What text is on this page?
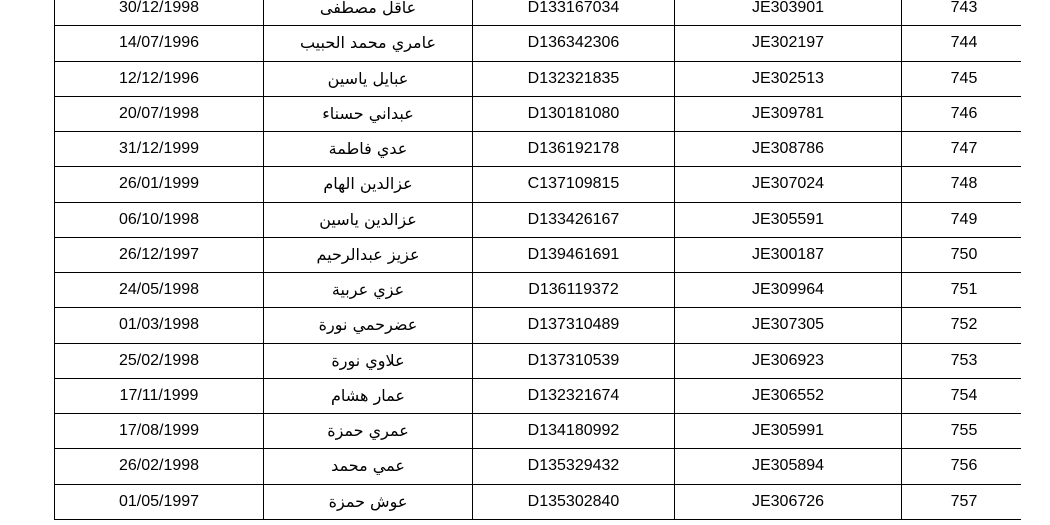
30/12/1998	عاقل مصطفى	D133167034	JE303901	743
14/07/1996	عامري محمد الحبيب	D136342306	JE302197	744
12/12/1996	عبايل ياسين	D132321835	JE302513	745
20/07/1998	عبداني حسناء	D130181080	JE309781	746
31/12/1999	عدي فاطمة	D136192178	JE308786	747
26/01/1999	عزالدين الهام	C137109815	JE307024	748
06/10/1998	عزالدين ياسين	D133426167	JE305591	749
26/12/1997	عزيز عبدالرحيم	D139461691	JE300187	750
24/05/1998	عزي عربية	D136119372	JE309964	751
01/03/1998	عضرحمي نورة	D137310489	JE307305	752
25/02/1998	علاوي نورة	D137310539	JE306923	753
17/11/1999	عمار هشام	D132321674	JE306552	754
17/08/1999	عمري حمزة	D134180992	JE305991	755
26/02/1998	عمي محمد	D135329432	JE305894	756
01/05/1997	عوش حمزة	D135302840	JE306726	757
